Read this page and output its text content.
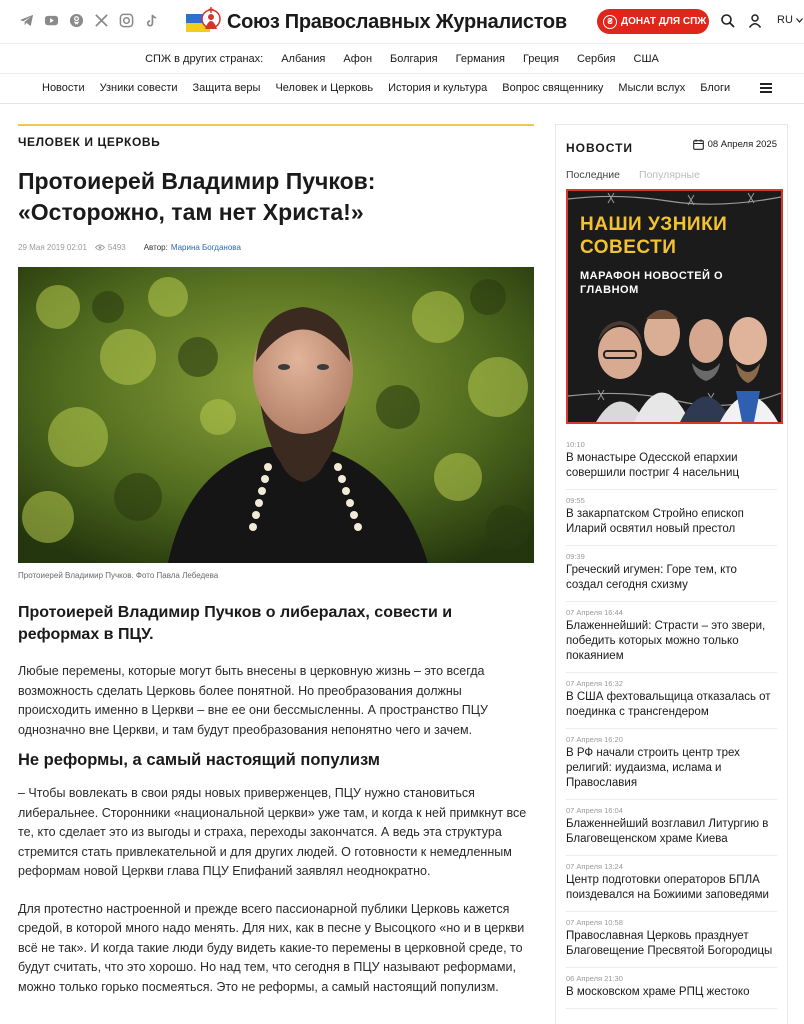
Союз Православных Журналистов	₴ ДОНАТ ДЛЯ СПЖ	RU
СПЖ в других странах: Албания Афон Болгария Германия Греция Сербия США
Новости Узники совести Защита веры Человек и Церковь История и культура Вопрос священнику Мысли вслух Блоги
ЧЕЛОВЕК И ЦЕРКОВЬ
Протоиерей Владимир Пучков:
«Осторожно, там нет Христа!»
29 Мая 2019 02:01	5493 Автор: Марина Богданова
Протоиерей Владимир Пучков. Фото Павла Лебедева
Протоиерей Владимир Пучков о либералах, совести и реформах в ПЦУ.

Любые перемены, которые могут быть внесены в церковную жизнь – это всегда возможность сделать Церковь более понятной. Но преобразования должны происходить именно в Церкви – вне ее они бессмысленны. А пространство ПЦУ однозначно вне Церкви, и там будут преобразования непонятно чего и зачем.

Не реформы, а самый настоящий популизм

– Чтобы вовлекать в свои ряды новых приверженцев, ПЦУ нужно становиться либеральнее. Сторонники «национальной церкви» уже там, и когда к ней примкнут все те, кто сделает это из выгоды и страха, переходы закончатся. А ведь эта структура стремится стать привлекательной и для других людей. О готовности к немедленным реформам новой Церкви глава ПЦУ Епифаний заявлял неоднократно.

Для протестно настроенной и прежде всего пассионарной публики Церковь кажется средой, в которой много надо менять. Для них, как в песне у Высоцкого «но и в церкви всё не так». И когда такие люди буду видеть какие-то перемены в церковной среде, то будут считать, что это хорошо. Но над тем, что сегодня в ПЦУ называют реформами, можно только горько посмеяться. Это не реформы, а самый настоящий популизм.

НОВОСТИ	08 Апреля 2025
Последние Популярные
НАШИ УЗНИКИ
СОВЕСТИ
МАРАФОН НОВОСТЕЙ О ГЛАВНОМ
10:10
В монастыре Одесской епархии совершили постриг 4 насельниц
09:55
В закарпатском Стройно епископ Иларий освятил новый престол
09:39
Греческий игумен: Горе тем, кто создал сегодня схизму
07 Апреля 16:44
Блаженнейший: Страсти – это звери, победить которых можно только покаянием
07 Апреля 16:32
В США фехтовальщица отказалась от поединка с трансгендером
07 Апреля 16:20
В РФ начали строить центр трех религий: иудаизма, ислама и Православия
07 Апреля 16:04
Блаженнейший возглавил Литургию в Благовещенском храме Киева
07 Апреля 13:24
Центр подготовки операторов БПЛА поиздевался на Божиими заповедями
07 Апреля 10:58
Православная Церковь празднует Благовещение Пресвятой Богородицы
06 Апреля 21:30
В московском храме РПЦ жестоко
